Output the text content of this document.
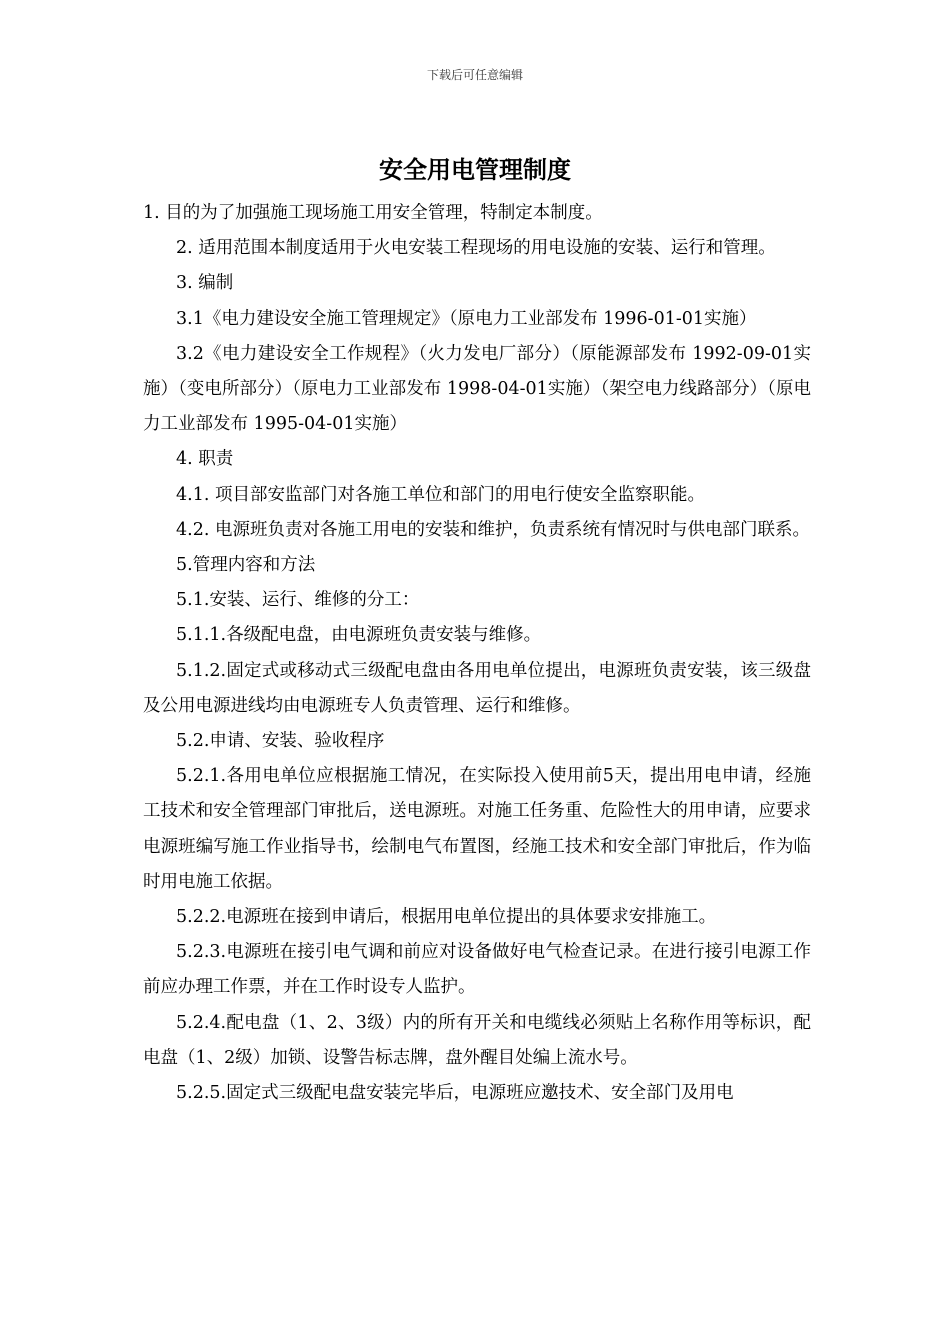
下载后可任意编辑
安全用电管理制度

1. 目的为了加强施工现场施工用安全管理，特制定本制度。

2. 适用范围本制度适用于火电安装工程现场的用电设施的安装、运行和管理。

3. 编制

3.1《电力建设安全施工管理规定》（原电力工业部发布 1996-01-01实施）

3.2《电力建设安全工作规程》（火力发电厂部分）（原能源部发布 1992-09-01实施）（变电所部分）（原电力工业部发布 1998-04-01实施）（架空电力线路部分）（原电力工业部发布 1995-04-01实施）

4. 职责

4.1. 项目部安监部门对各施工单位和部门的用电行使安全监察职能。

4.2. 电源班负责对各施工用电的安装和维护，负责系统有情况时与供电部门联系。

5.管理内容和方法

5.1.安装、运行、维修的分工：

5.1.1.各级配电盘，由电源班负责安装与维修。

5.1.2.固定式或移动式三级配电盘由各用电单位提出，电源班负责安装，该三级盘及公用电源进线均由电源班专人负责管理、运行和维修。

5.2.申请、安装、验收程序

5.2.1.各用电单位应根据施工情况，在实际投入使用前5天，提出用电申请，经施工技术和安全管理部门审批后，送电源班。对施工任务重、危险性大的用申请，应要求电源班编写施工作业指导书，绘制电气布置图，经施工技术和安全部门审批后，作为临时用电施工依据。

5.2.2.电源班在接到申请后，根据用电单位提出的具体要求安排施工。

5.2.3.电源班在接引电气调和前应对设备做好电气检查记录。在进行接引电源工作前应办理工作票，并在工作时设专人监护。

5.2.4.配电盘（1、2、3级）内的所有开关和电缆线必须贴上名称作用等标识，配电盘（1、2级）加锁、设警告标志牌，盘外醒目处编上流水号。

5.2.5.固定式三级配电盘安装完毕后，电源班应邀技术、安全部门及用电
